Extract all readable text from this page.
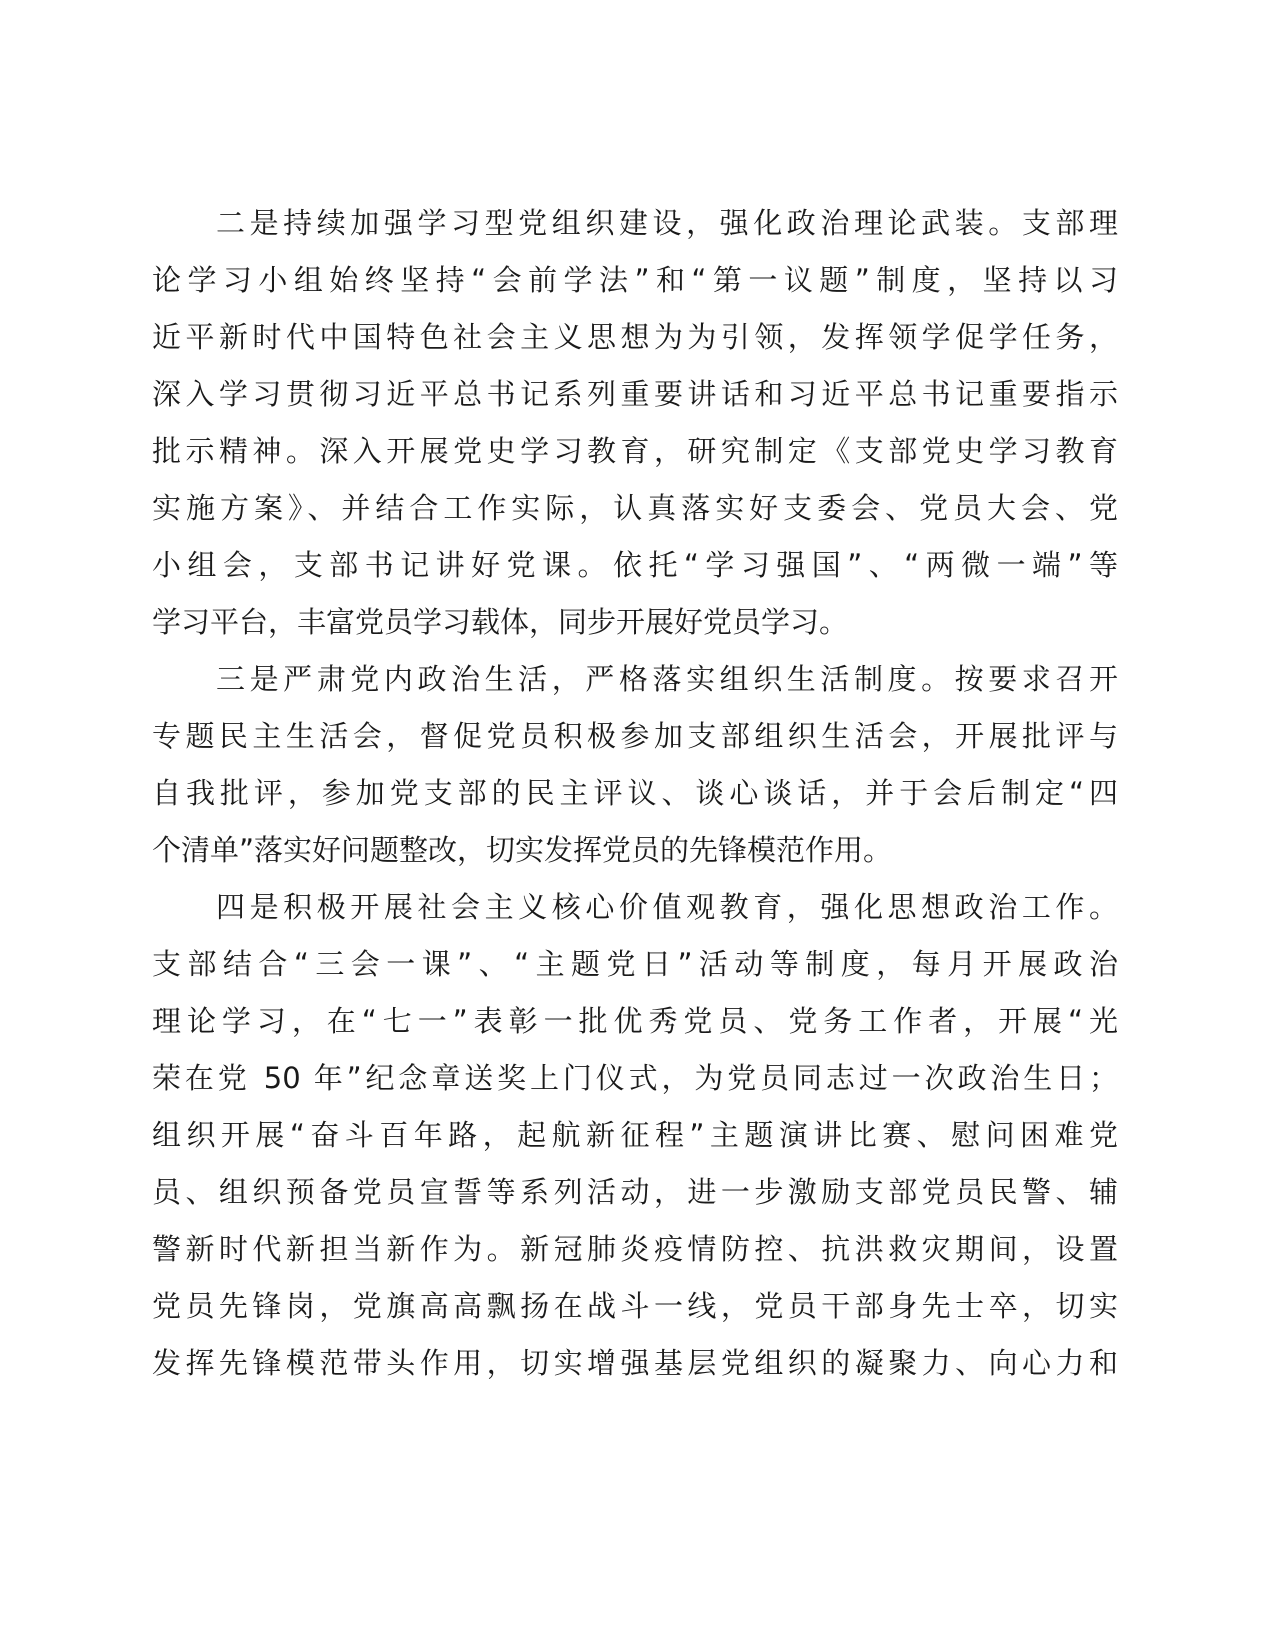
二是持续加强学习型党组织建设，强化政治理论武装。支部理
论学习小组始终坚持“会前学法”和“第一议题”制度，坚持以习
近平新时代中国特色社会主义思想为为引领，发挥领学促学任务，
深入学习贯彻习近平总书记系列重要讲话和习近平总书记重要指示
批示精神。深入开展党史学习教育，研究制定《支部党史学习教育
实施方案》、并结合工作实际，认真落实好支委会、党员大会、党
小组会，支部书记讲好党课。依托“学习强国”、“两微一端”等
学习平台，丰富党员学习载体，同步开展好党员学习。
三是严肃党内政治生活，严格落实组织生活制度。按要求召开
专题民主生活会，督促党员积极参加支部组织生活会，开展批评与
自我批评，参加党支部的民主评议、谈心谈话，并于会后制定“四
个清单”落实好问题整改，切实发挥党员的先锋模范作用。
四是积极开展社会主义核心价值观教育，强化思想政治工作。
支部结合“三会一课”、“主题党日”活动等制度，每月开展政治
理论学习，在“七一”表彰一批优秀党员、党务工作者，开展“光
荣在党 50 年”纪念章送奖上门仪式，为党员同志过一次政治生日；
组织开展“奋斗百年路，起航新征程”主题演讲比赛、慰问困难党
员、组织预备党员宣誓等系列活动，进一步激励支部党员民警、辅
警新时代新担当新作为。新冠肺炎疫情防控、抗洪救灾期间，设置
党员先锋岗，党旗高高飘扬在战斗一线，党员干部身先士卒，切实
发挥先锋模范带头作用，切实增强基层党组织的凝聚力、向心力和
